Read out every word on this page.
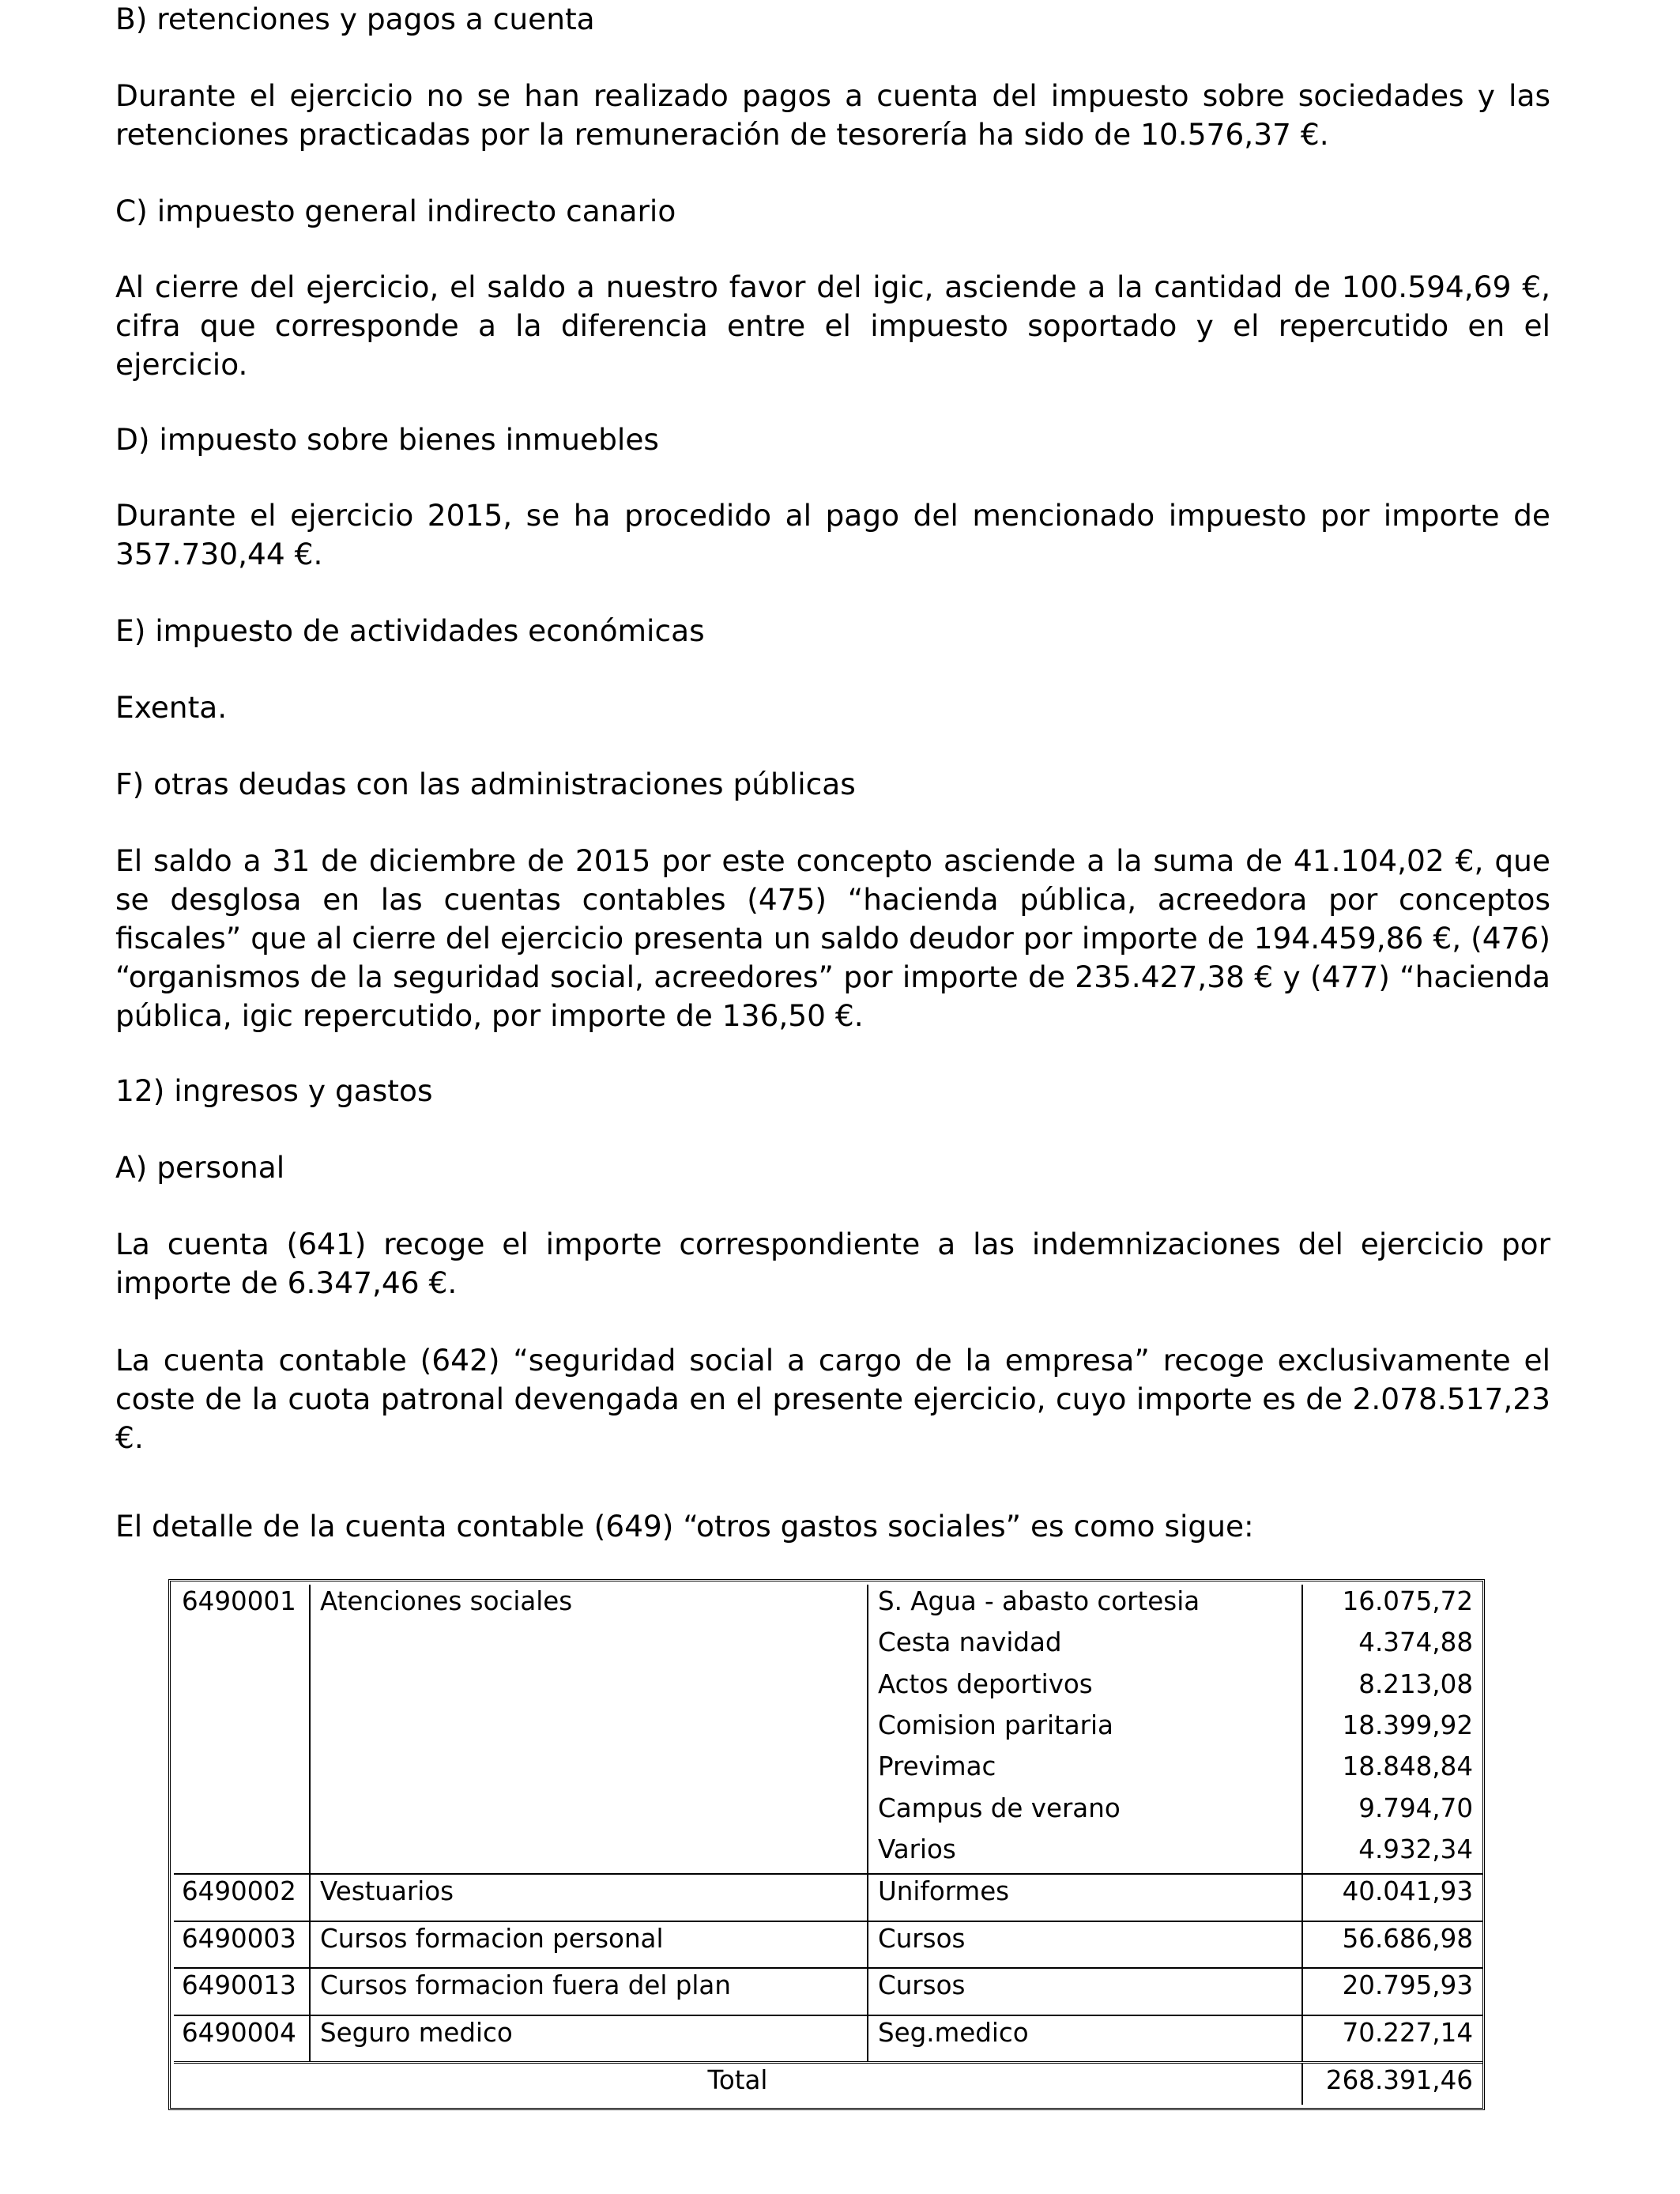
B) retenciones y pagos a cuenta

Durante el ejercicio no se han realizado pagos a cuenta del impuesto sobre sociedades y las retenciones practicadas por la remuneración de tesorería ha sido de 10.576,37 €.

C) impuesto general indirecto canario

Al cierre del ejercicio, el saldo a nuestro favor del igic, asciende a la cantidad de 100.594,69 €, cifra que corresponde a la diferencia entre el impuesto soportado y el repercutido en el ejercicio.

D) impuesto sobre bienes inmuebles

Durante el ejercicio 2015, se ha procedido al pago del mencionado impuesto por importe de 357.730,44 €.

E) impuesto de actividades económicas

Exenta.

F) otras deudas con las administraciones públicas

El saldo a 31 de diciembre de 2015 por este concepto asciende a la suma de 41.104,02 €, que se desglosa en las cuentas contables (475) “hacienda pública, acreedora por conceptos fiscales” que al cierre del ejercicio presenta un saldo deudor por importe de 194.459,86 €, (476) “organismos de la seguridad social, acreedores” por importe de 235.427,38 € y (477) “hacienda pública, igic repercutido, por importe de 136,50 €.

12) ingresos y gastos

A) personal

La cuenta (641) recoge el importe correspondiente a las indemnizaciones del ejercicio por importe de 6.347,46 €.

La cuenta contable (642) “seguridad social a cargo de la empresa” recoge exclusivamente el coste de la cuota patronal devengada en el presente ejercicio, cuyo importe es de 2.078.517,23 €.

El detalle de la cuenta contable (649) “otros gastos sociales” es como sigue:

6490001	Atenciones sociales	S. Agua - abasto cortesia	16.075,72
		Cesta navidad	4.374,88
		Actos deportivos	8.213,08
		Comision paritaria	18.399,92
		Previmac	18.848,84
		Campus de verano	9.794,70
		Varios	4.932,34
6490002	Vestuarios	Uniformes	40.041,93
6490003	Cursos formacion personal	Cursos	56.686,98
6490013	Cursos formacion fuera del plan	Cursos	20.795,93
6490004	Seguro medico	Seg.medico	70.227,14
Total			268.391,46
